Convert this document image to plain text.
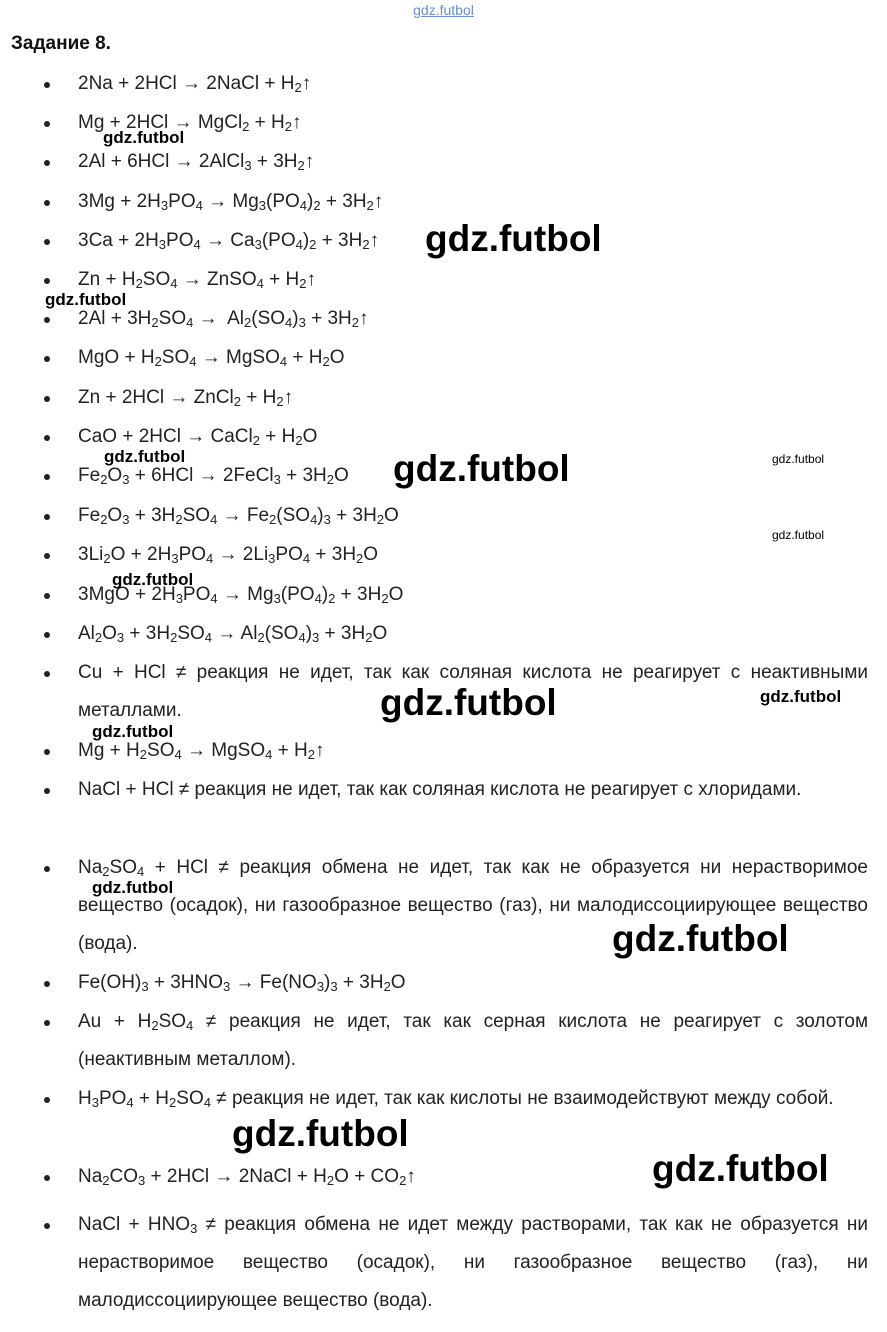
gdz.futbol
Задание 8.
2Na + 2HCl → 2NaCl + $H_2↑$
Mg + 2HCl → MgCl$_2$ + $H_2↑$
2Al + 6HCl → 2AlCl$_3$ + $3H_2↑$
$3Mg + 2H_3PO_4 \to Mg_3(PO_4)_2$ + $3H_2↑$
$3Ca + 2H_3PO_4 \to Ca_3(PO_4)_2$ + $3H_2↑$
$Zn + H_2SO_4$ → ZnSO$_4$ + $H_2↑$
$2Al + 3H_2SO_4 \to Al_2(SO_4)_3$ + $3H_2↑$
MgO + $H_2SO_4$ → MgSO$_4$ + $H_2O$
Zn + 2HCl → ZnCl$_2$ + $H_2↑$
CaO + 2HCl → CaCl$_2$ + $H_2O$
$Fe_2O_3 + 6HCl$ → 2FeCl$_3$ + $3H_2O$
$Fe_2O_3 + 3H_2SO_4 \to Fe_2(SO_4)_3 + 3H_2O$
$3Li_2O + 2H_3PO_4 \to 2Li_3PO_4 + 3H_2O$
$3MgO + 2H_3PO_4 \to Mg_3(PO_4)_2 + 3H_2O$
$Al_2O_3 + 3H_2SO_4 \to Al_2(SO_4)_3 + 3H_2O$
Cu + HCl ≠ реакция не идет, так как соляная кислота не реагирует с неактивными металлами.
$Mg + H_2SO_4$ → MgSO$_4$ + $H_2↑$
NaCl + HCl ≠ реакция не идет, так как соляная кислота не реагирует с хлоридами.
$Na_2SO_4$ + HCl ≠ реакция обмена не идет, так как не образуется ни нерастворимое вещество (осадок), ни газообразное вещество (газ), ни малодиссоциирующее вещество (вода).
$Fe(OH)_3 + 3HNO_3 \to Fe(NO_3)_3 + 3H_2O$
$Au + H_2SO_4$ ≠ реакция не идет, так как серная кислота не реагирует с золотом (неактивным металлом).
$H_3PO_4 + H_2SO_4$ ≠ реакция не идет, так как кислоты не взаимодействуют между собой.
$Na_2CO_3 + 2HCl$ → 2NaCl + $H_2O$ + $CO_2↑$
NaCl + $HNO_3$ ≠ реакция обмена не идет между растворами, так как не образуется ни нерастворимое вещество (осадок), ни газообразное вещество (газ), ни малодиссоциирующее вещество (вода).
gdz.futbol
gdz.futbol
gdz.futbol
gdz.futbol	gdz.futbol	gdz.futbol
gdz.futbol
gdz.futbol
gdz.futbol	gdz.futbol
gdz.futbol
gdz.futbol
gdz.futbol
gdz.futbol
gdz.futbol
